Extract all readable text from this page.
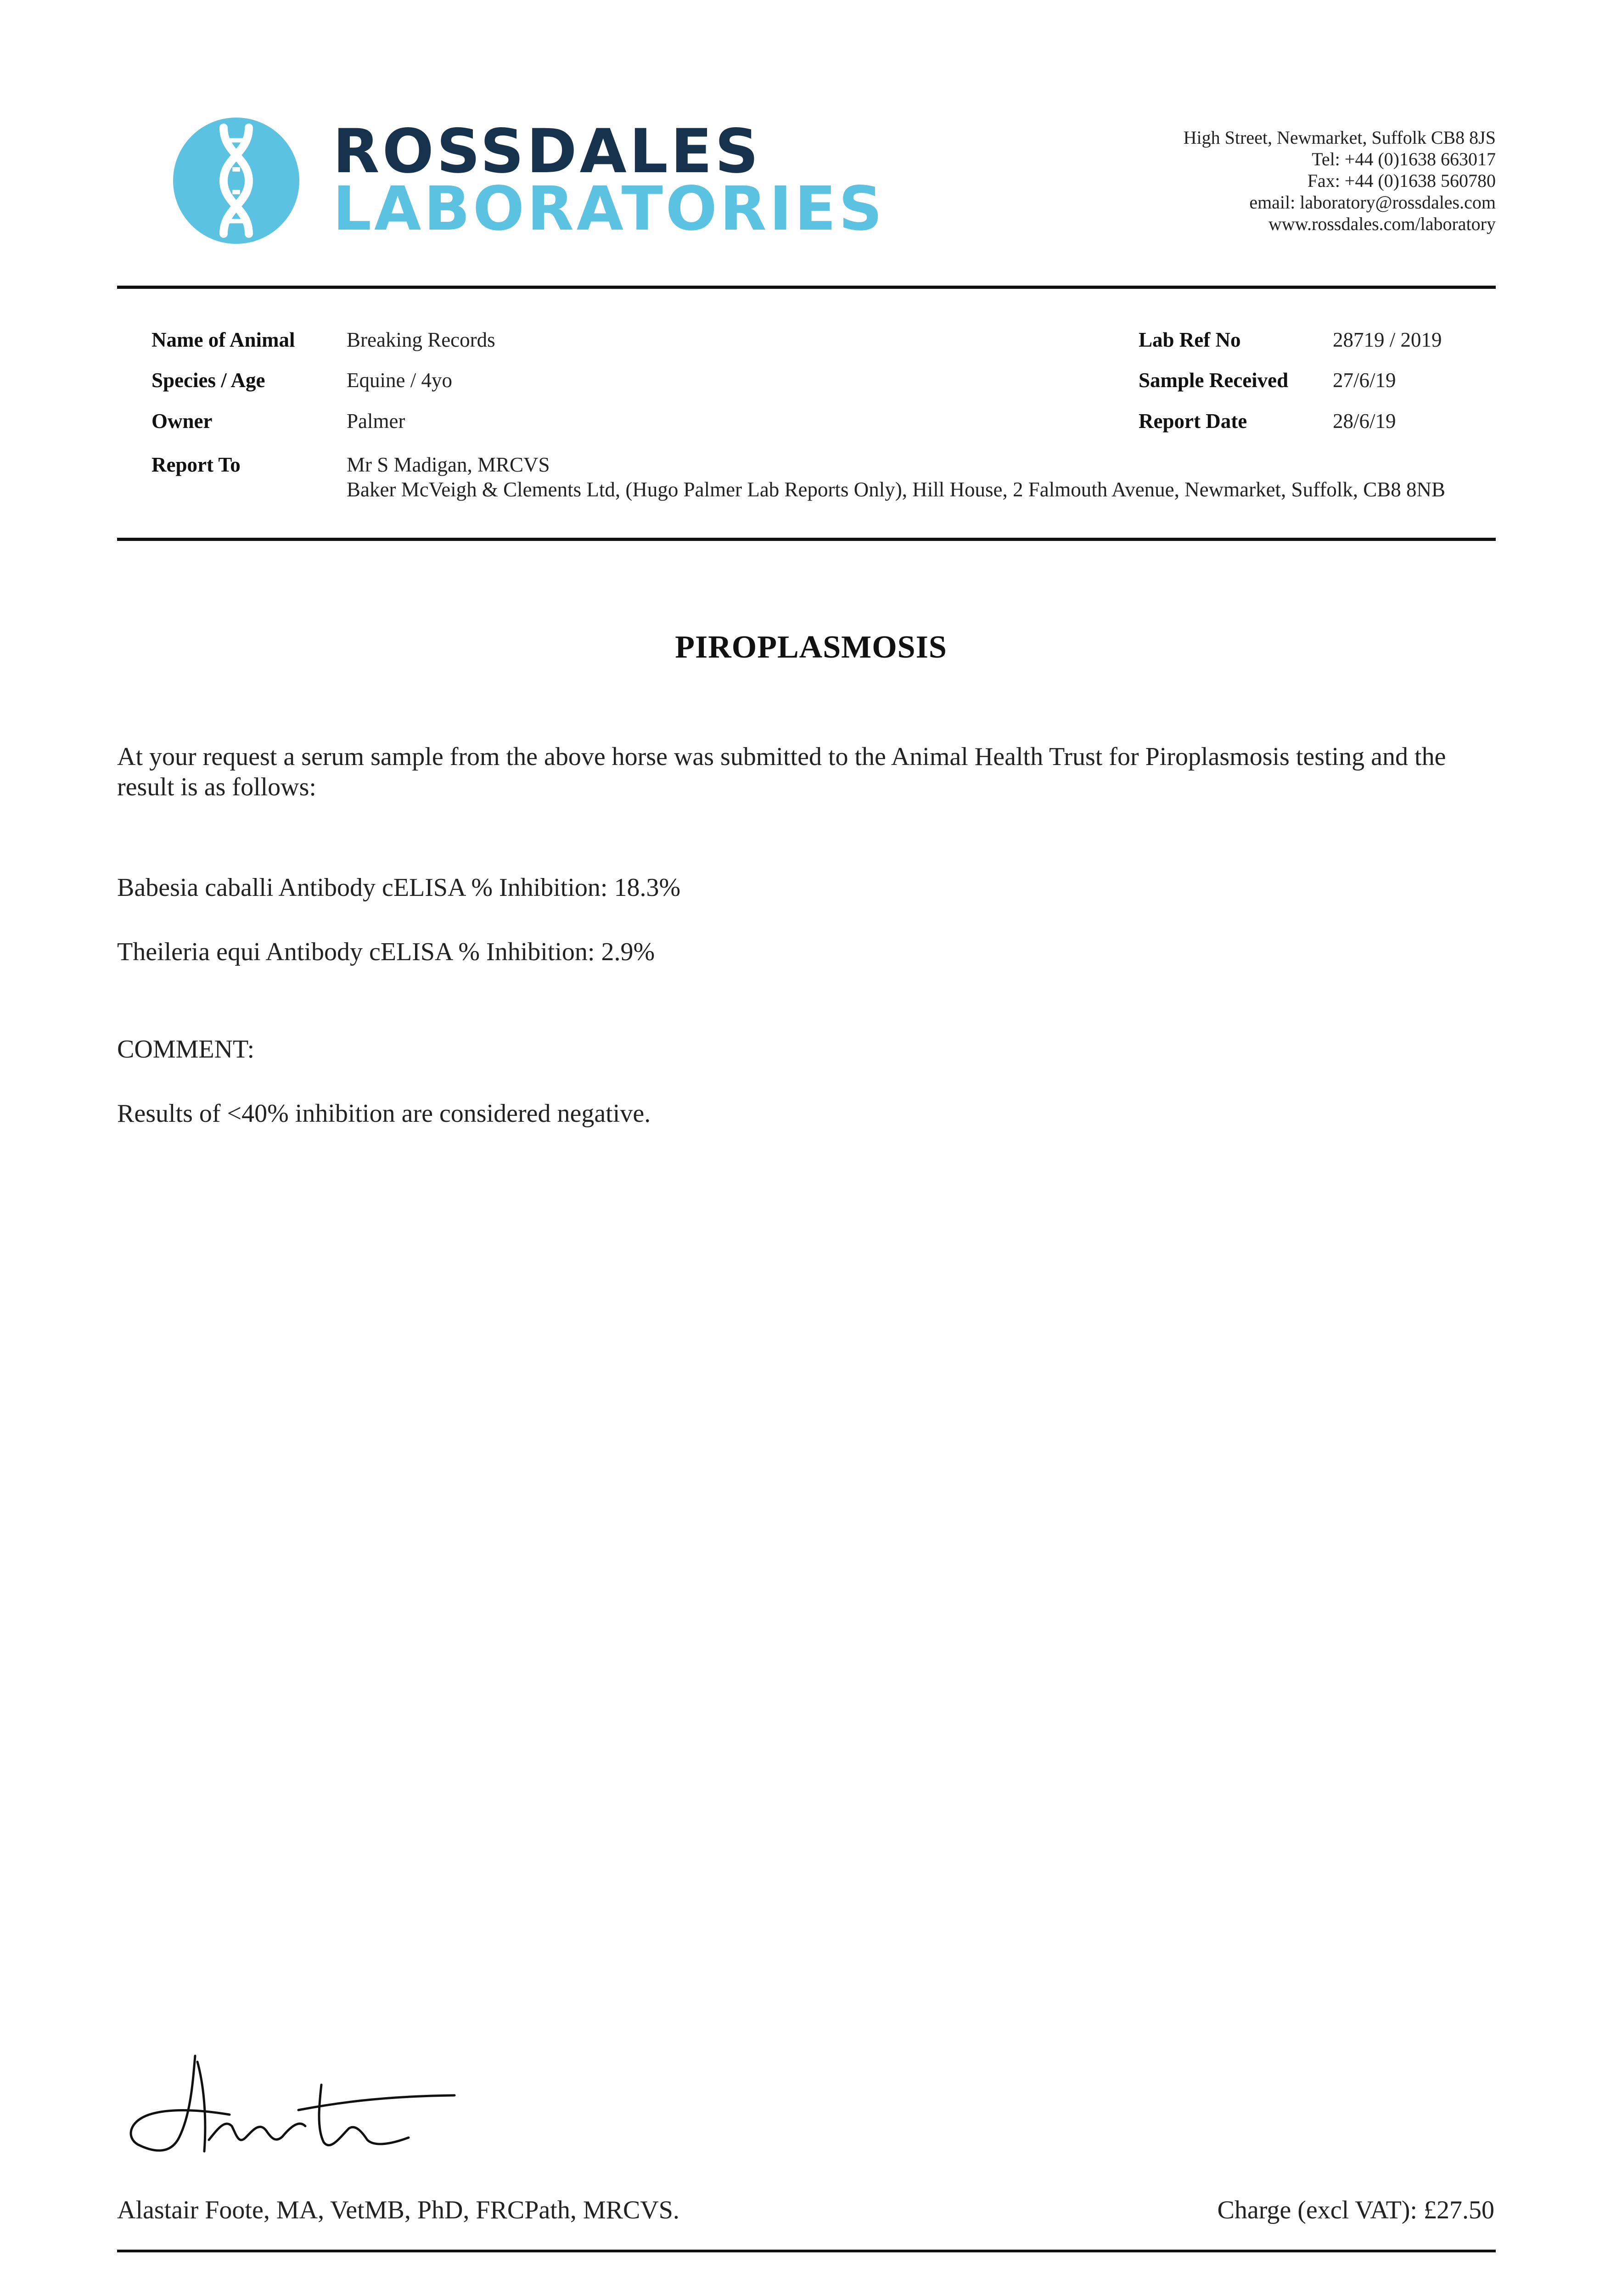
ROSSDALES
LABORATORIES
High Street, Newmarket, Suffolk CB8 8JS
Tel: +44 (0)1638 663017
Fax: +44 (0)1638 560780
email: laboratory@rossdales.com
www.rossdales.com/laboratory
Name of Animal	Breaking Records
Species / Age	Equine / 4yo
Owner	Palmer
Report To	Mr S Madigan, MRCVS
Baker McVeigh & Clements Ltd, (Hugo Palmer Lab Reports Only), Hill House, 2 Falmouth Avenue, Newmarket, Suffolk, CB8 8NB
Lab Ref No	28719 / 2019
Sample Received 27/6/19
Report Date	28/6/19
PIROPLASMOSIS
At your request a serum sample from the above horse was submitted to the Animal Health Trust for Piroplasmosis testing and the result is as follows:
Babesia caballi Antibody cELISA % Inhibition: 18.3%
Theileria equi Antibody cELISA % Inhibition: 2.9%
COMMENT:
Results of <40% inhibition are considered negative.
Alastair Foote, MA, VetMB, PhD, FRCPath, MRCVS.	Charge (excl VAT): £27.50
